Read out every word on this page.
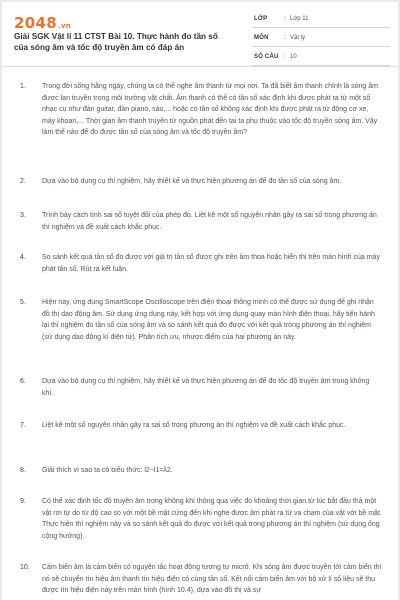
2048.vn
Giải SGK Vật lí 11 CTST Bài 10. Thực hành đo tần số của sóng âm và tốc độ truyền âm có đáp án
LỚP	: Lớp 11
MÔN	: Vật lý
SỐ CÂU : 10
1. Trong đời sống hằng ngày, chúng ta có thể nghe âm thanh từ mọi nơi. Ta đã biết âm thanh chính là sóng âm được lan truyền trong môi trường vật chất. Âm thanh có thể có tần số xác định khi được phát ra từ một số nhạc cụ như đàn guitar, đàn piano, sáo,... hoặc có tần số không xác định khi được phát ra từ động cơ xe, máy khoan,... Thời gian âm thanh truyền từ nguồn phát đến tai ta phụ thuộc vào tốc độ truyền sóng âm. Vậy làm thế nào để đo được tần số của sóng âm và tốc độ truyền âm?
2. Dựa vào bộ dụng cụ thí nghiệm, hãy thiết kế và thực hiện phương án để đo tần số của sóng âm.
3. Trình bày cách tính sai số tuyệt đối của phép đo. Liệt kê một số nguyên nhân gây ra sai số trong phương án thí nghiệm và đề xuất cách khắc phục.
4. So sánh kết quả tần số đo được với giá trị tần số được ghi trên âm thoa hoặc hiển thị trên màn hình của máy phát tần số. Rút ra kết luận.
5. Hiện nay, ứng dụng SmartScope Oscilloscope trên điện thoại thông minh có thể được sử dụng để ghi nhận đồ thị dao động âm. Sử dụng ứng dụng này, kết hợp với ứng dụng quay màn hình điện thoại, hãy tiến hành lại thí nghiệm đo tần số của sóng âm và so sánh kết quả đo được với kết quả trong phương án thí nghiệm (sử dụng dao động kí điện tử). Phân tích ưu, nhược điểm của hai phương án này.
6. Dựa vào bộ dụng cụ thí nghiệm, hãy thiết kế và thực hiện phương án để đo tốc độ truyền âm trong không khí.
7. Liệt kê một số nguyên nhân gây ra sai số trong phương án thí nghiệm và đề xuất cách khắc phục.
8. Giải thích vì sao ta có biểu thức: l2−l1=λ2.
9. Có thể xác định tốc độ truyền âm trong không khí thông qua việc đo khoảng thời gian từ lúc bắt đầu thả một vật rơi tự do từ độ cao so với một bề mặt cứng đến khi nghe được âm phát ra từ va chạm của vật với bề mặt. Thực hiện thí nghiệm này và so sánh kết quả đo được với kết quả trong phương án thí nghiệm (sử dụng ống cộng hưởng).
10. Cảm biến âm là cảm biến có nguyên tắc hoạt động tương tự micrô. Khi sóng âm được truyền tới cảm biến thì nó sẽ chuyển tín hiệu âm thanh tín hiệu điện có cùng tần số. Kết nối cảm biến âm với bộ xử lí số liệu sẽ thu được tín hiệu điện này trên màn hình (hình 10.4), dựa vào đồ thị và sự
